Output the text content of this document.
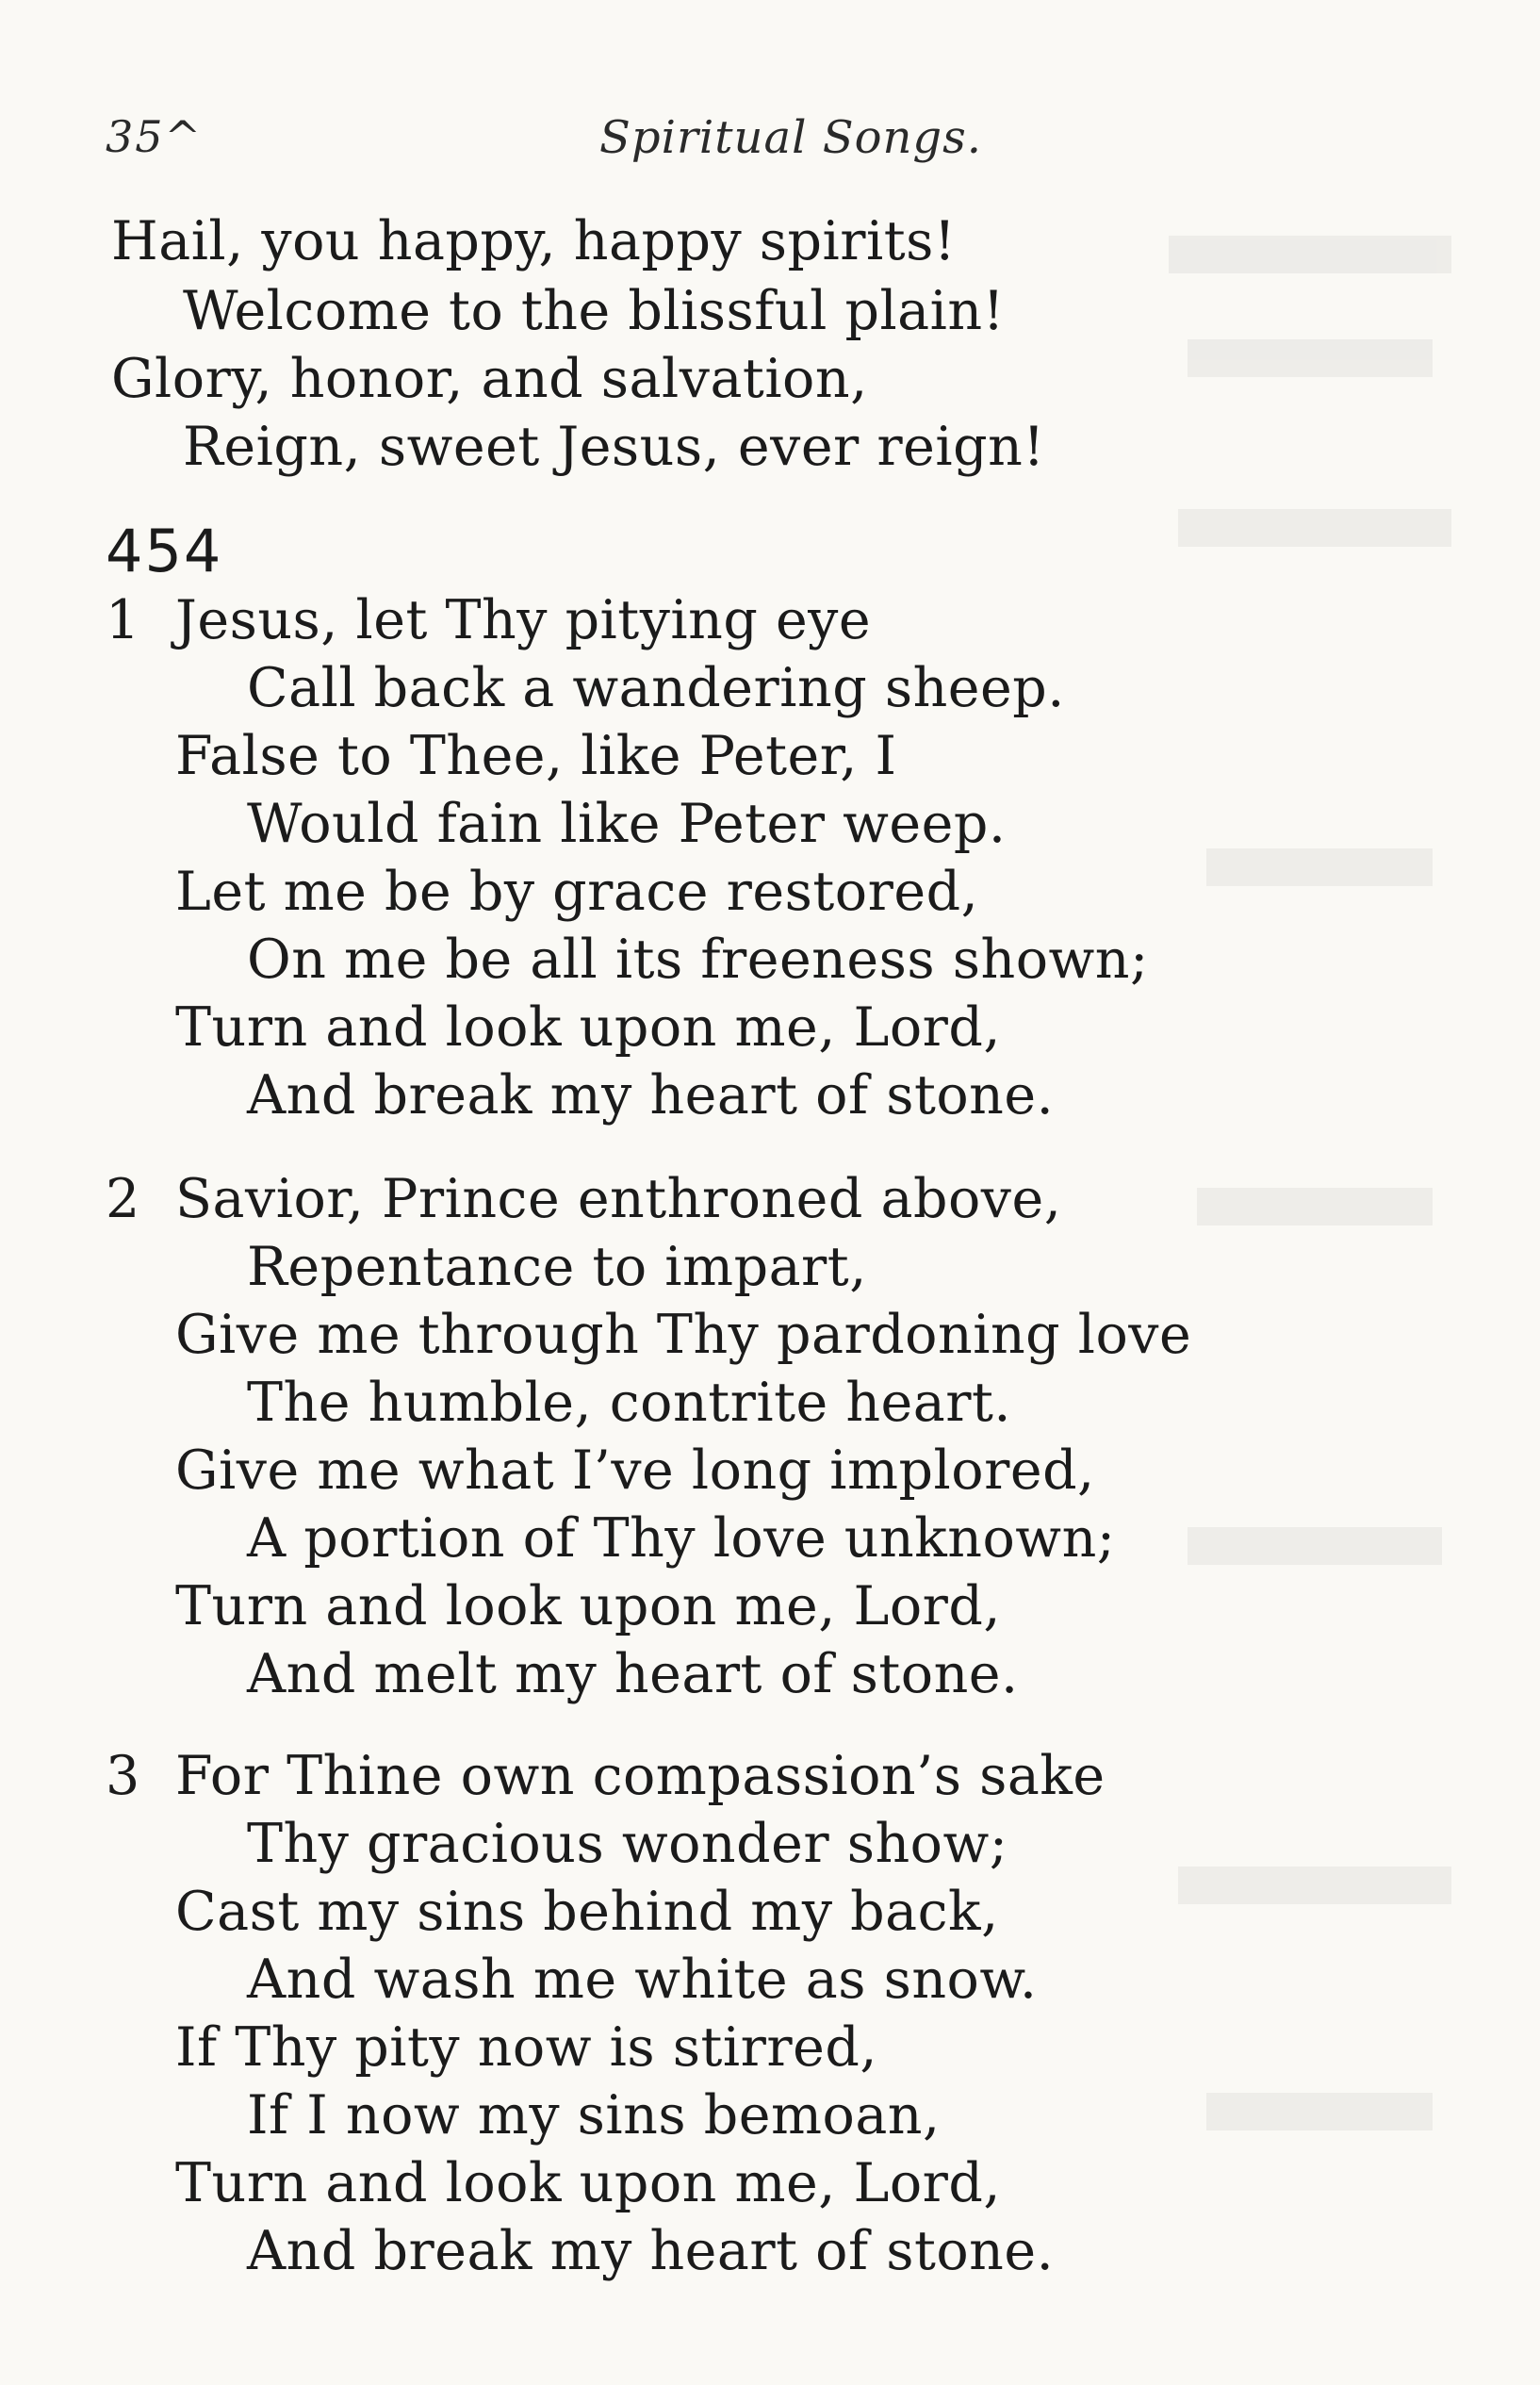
35^	Spiritual Songs.
Hail, you happy, happy spirits!
Welcome to the blissful plain!
Glory, honor, and salvation,
Reign, sweet Jesus, ever reign!
454
1 Jesus, let Thy pitying eye
Call back a wandering sheep.
False to Thee, like Peter, I
Would fain like Peter weep.
Let me be by grace restored,
On me be all its freeness shown;
Turn and look upon me, Lord,
And break my heart of stone.
2 Savior, Prince enthroned above,
Repentance to impart,
Give me through Thy pardoning love
The humble, contrite heart.
Give me what I’ve long implored,
A portion of Thy love unknown;
Turn and look upon me, Lord,
And melt my heart of stone.
3 For Thine own compassion’s sake
Thy gracious wonder show;
Cast my sins behind my back,
And wash me white as snow.
If Thy pity now is stirred,
If I now my sins bemoan,
Turn and look upon me, Lord,
And break my heart of stone.
